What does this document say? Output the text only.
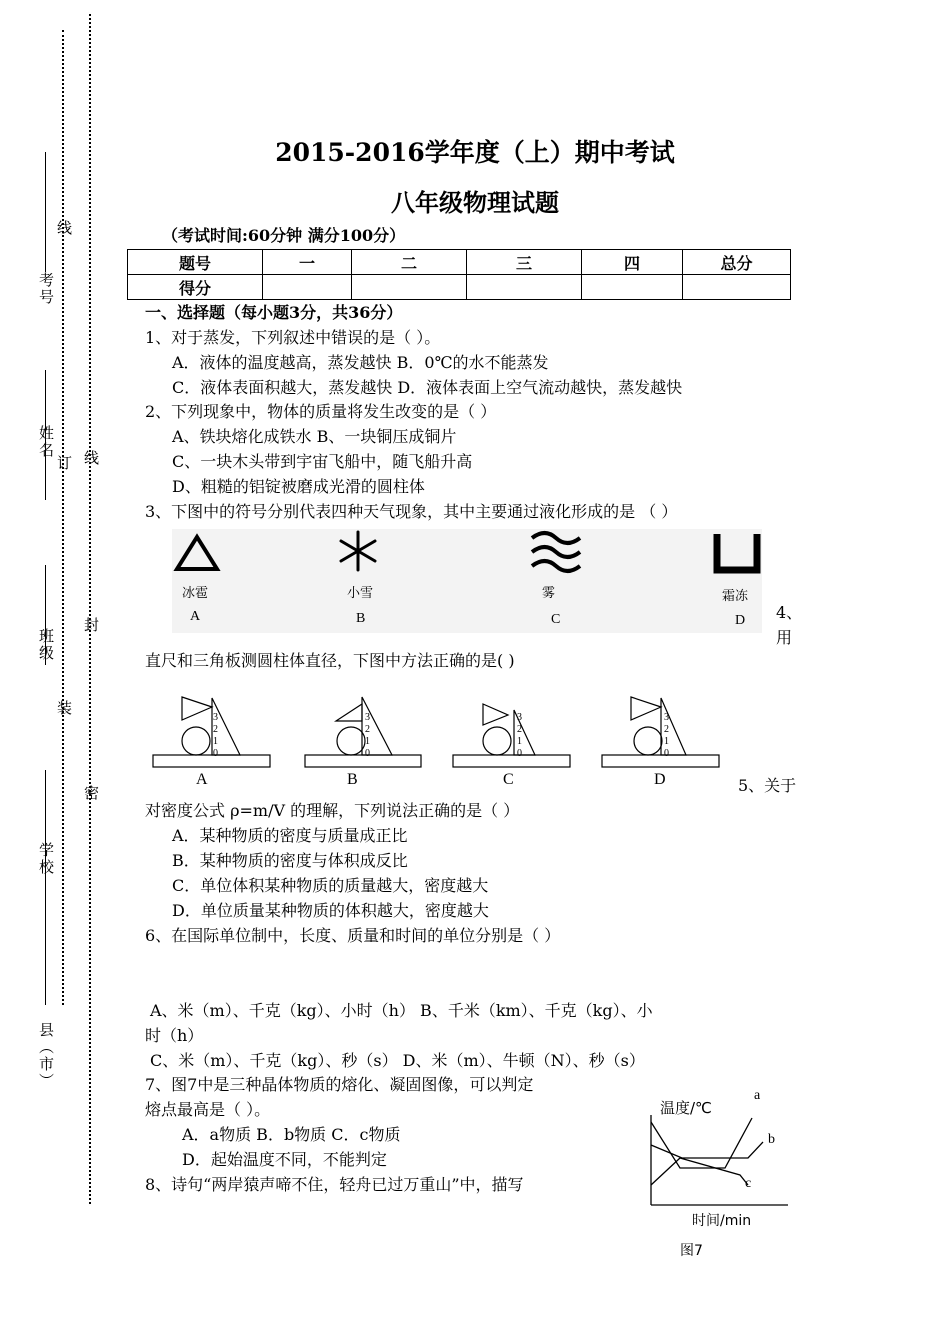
考号
姓名
班级
学校
县（市）
线
订 线
封
装
密
2015-2016学年度（上）期中考试
八年级物理试题
（考试时间:60分钟 满分100分）
题号	一	二	三	四	总分
得分					
一、选择题（每小题3分，共36分）
1、对于蒸发，下列叙述中错误的是（ ）。
A．液体的温度越高，蒸发越快 B．0℃的水不能蒸发
C．液体表面积越大，蒸发越快 D．液体表面上空气流动越快，蒸发越快
2、下列现象中，物体的质量将发生改变的是（ ）
A、铁块熔化成铁水 B、一块铜压成铜片
C、一块木头带到宇宙飞船中，随飞船升高
D、粗糙的铝锭被磨成光滑的圆柱体
3、下图中的符号分别代表四种天气现象，其中主要通过液化形成的是 （ ）
冰雹	小雪	雾	霜冻
A	B	C	D 4、
用
直尺和三角板测圆柱体直径，下图中方法正确的是( )
3
2
1
0
3
2
1
0
3
2
1
0
3
2
1
0
A	B	C	D	5、关于
对密度公式 ρ=m/V 的理解，下列说法正确的是（ ）
A．某种物质的密度与质量成正比
B．某种物质的密度与体积成反比
C．单位体积某种物质的质量越大，密度越大
D．单位质量某种物质的体积越大，密度越大
6、在国际单位制中，长度、质量和时间的单位分别是（ ）
A、米（m）、千克（kg）、小时（h） B、千米（km）、千克（kg）、小
时（h）
C、米（m）、千克（kg）、秒（s） D、米（m）、牛顿（N）、秒（s）
7、图7中是三种晶体物质的熔化、凝固图像，可以判定
熔点最高是（ ）。
A．a物质 B．b物质 C．c物质
D．起始温度不同，不能判定
温度/℃
时间/min
图7
a
b
c
8、诗句“两岸猿声啼不住，轻舟已过万重山”中，描写
